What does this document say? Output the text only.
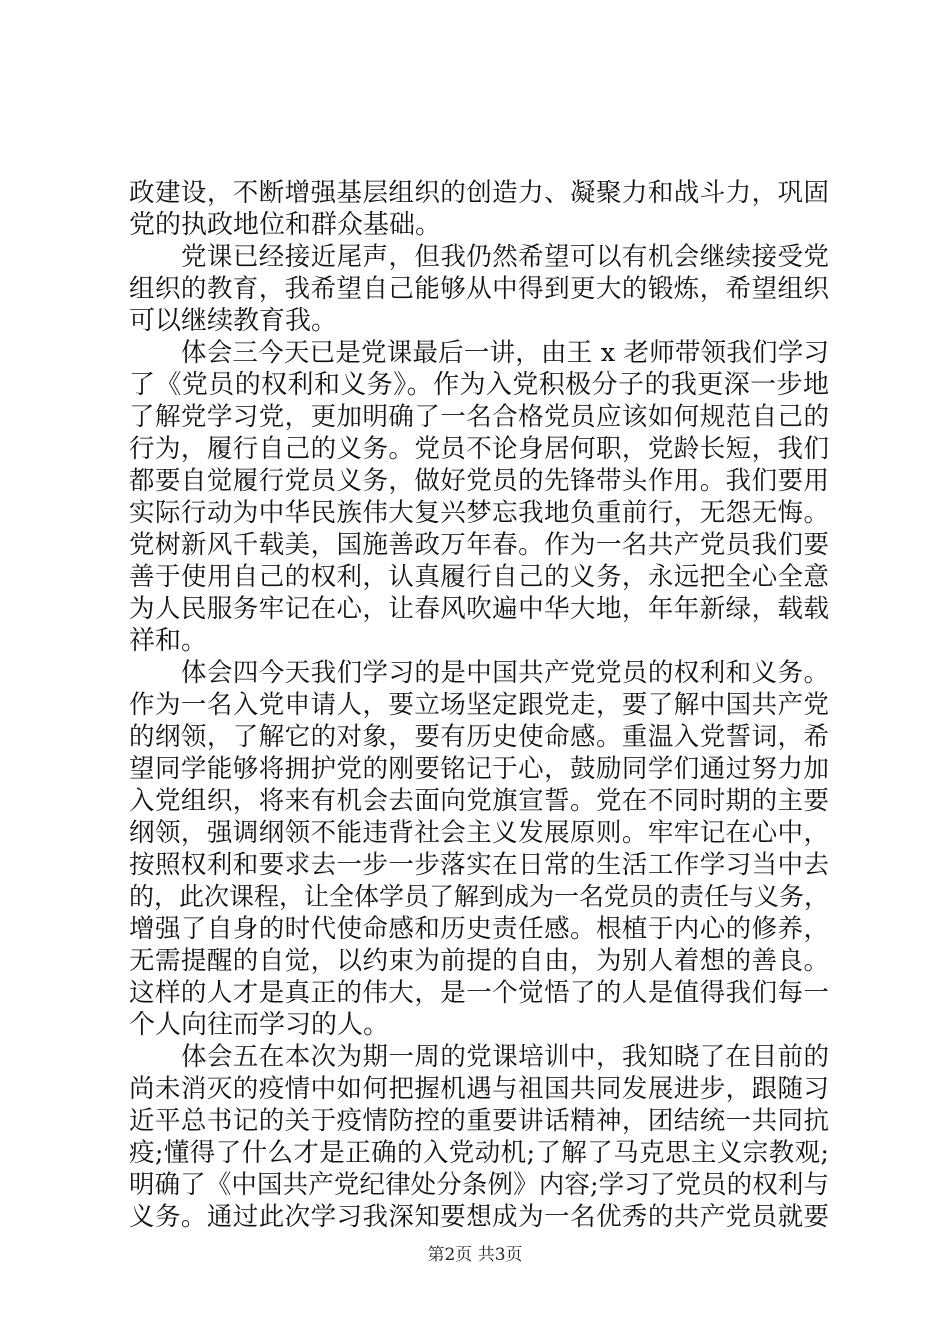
政建设，不断增强基层组织的创造力、凝聚力和战斗力，巩固
党的执政地位和群众基础。
党课已经接近尾声，但我仍然希望可以有机会继续接受党
组织的教育，我希望自己能够从中得到更大的锻炼，希望组织
可以继续教育我。
体会三今天已是党课最后一讲，由王 x 老师带领我们学习
了《党员的权利和义务》。作为入党积极分子的我更深一步地
了解党学习党，更加明确了一名合格党员应该如何规范自己的
行为，履行自己的义务。党员不论身居何职，党龄长短，我们
都要自觉履行党员义务，做好党员的先锋带头作用。我们要用
实际行动为中华民族伟大复兴梦忘我地负重前行，无怨无悔。
党树新风千载美，国施善政万年春。作为一名共产党员我们要
善于使用自己的权利，认真履行自己的义务，永远把全心全意
为人民服务牢记在心，让春风吹遍中华大地，年年新绿，载载
祥和。
体会四今天我们学习的是中国共产党党员的权利和义务。
作为一名入党申请人，要立场坚定跟党走，要了解中国共产党
的纲领，了解它的对象，要有历史使命感。重温入党誓词，希
望同学能够将拥护党的刚要铭记于心，鼓励同学们通过努力加
入党组织，将来有机会去面向党旗宣誓。党在不同时期的主要
纲领，强调纲领不能违背社会主义发展原则。牢牢记在心中，
按照权利和要求去一步一步落实在日常的生活工作学习当中去
的，此次课程，让全体学员了解到成为一名党员的责任与义务，
增强了自身的时代使命感和历史责任感。根植于内心的修养，
无需提醒的自觉，以约束为前提的自由，为别人着想的善良。
这样的人才是真正的伟大，是一个觉悟了的人是值得我们每一
个人向往而学习的人。
体会五在本次为期一周的党课培训中，我知晓了在目前的
尚未消灭的疫情中如何把握机遇与祖国共同发展进步，跟随习
近平总书记的关于疫情防控的重要讲话精神，团结统一共同抗
疫;懂得了什么才是正确的入党动机;了解了马克思主义宗教观;
明确了《中国共产党纪律处分条例》内容;学习了党员的权利与
义务。通过此次学习我深知要想成为一名优秀的共产党员就要
第2页 共3页
